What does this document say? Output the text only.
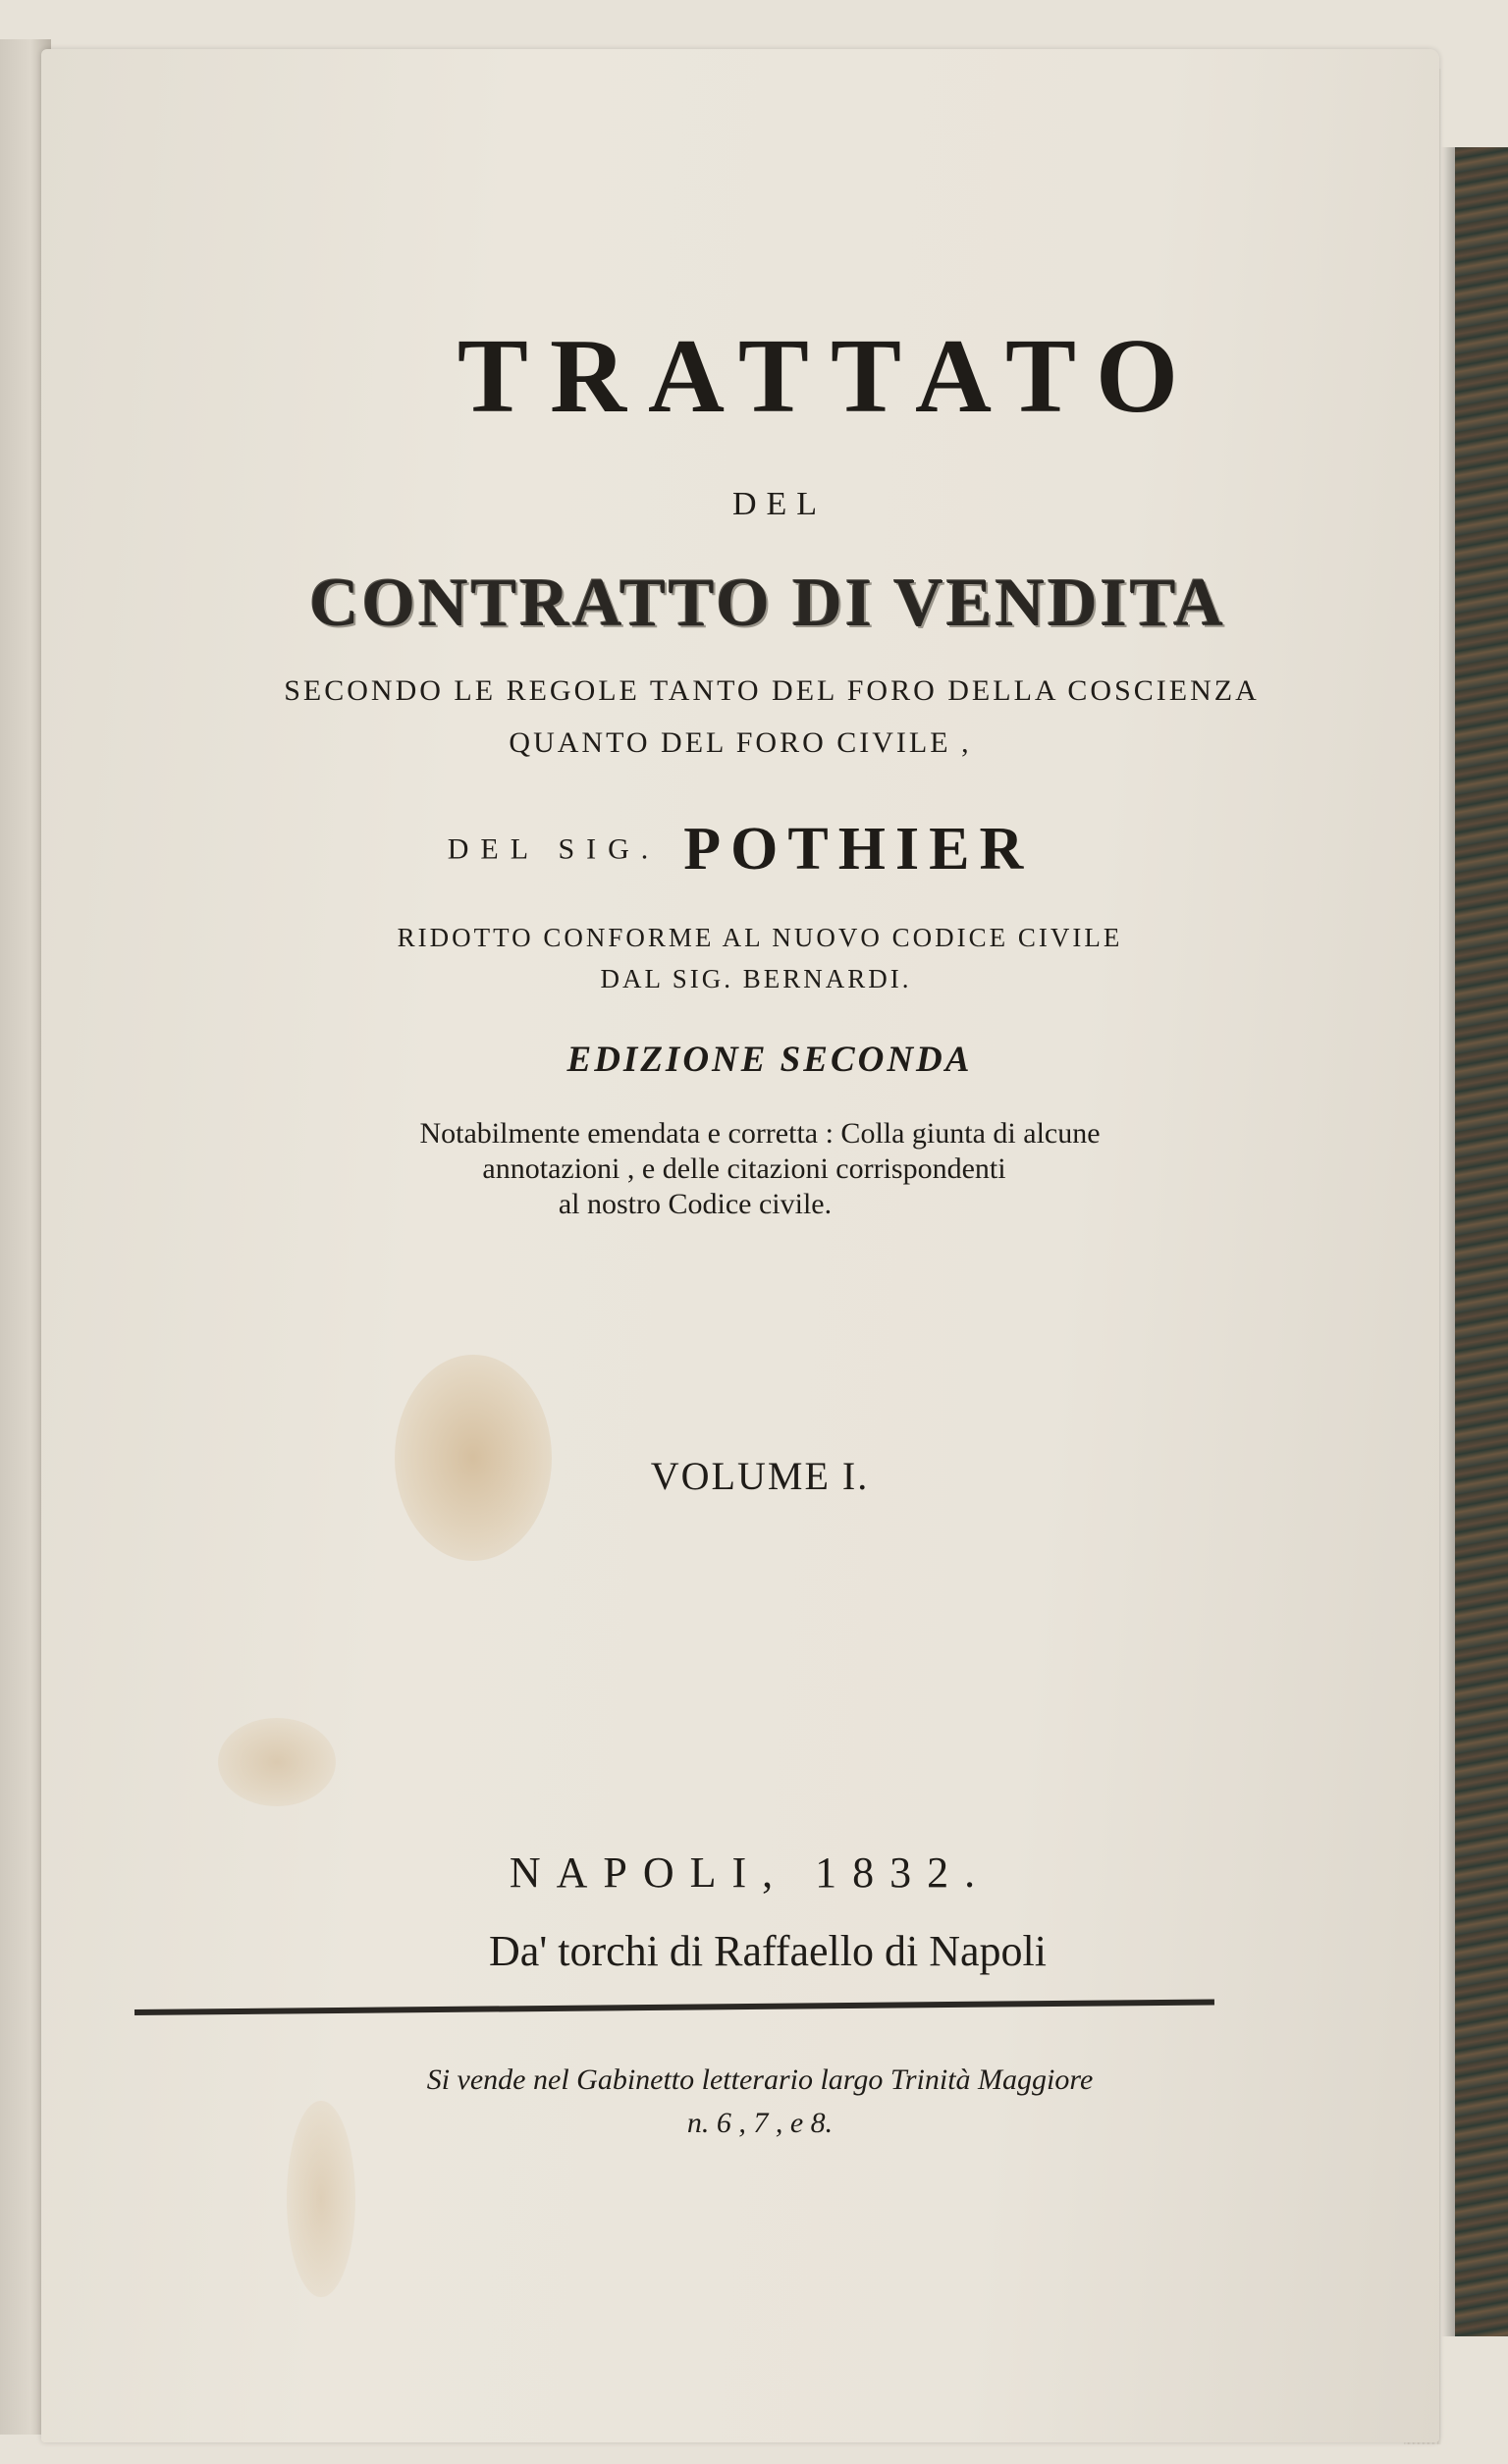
TRATTATO
DEL
CONTRATTO DI VENDITA
SECONDO LE REGOLE TANTO DEL FORO DELLA COSCIENZA
QUANTO DEL FORO CIVILE ,
DEL SIG. POTHIER
RIDOTTO CONFORME AL NUOVO CODICE CIVILE
DAL SIG. BERNARDI.
EDIZIONE SECONDA
Notabilmente emendata e corretta : Colla giunta di alcune
annotazioni , e delle citazioni corrispondenti
al nostro Codice civile.
VOLUME I.
NAPOLI, 1832.
Da' torchi di Raffaello di Napoli
Si vende nel Gabinetto letterario largo Trinità Maggiore
n. 6 , 7 , e 8.
